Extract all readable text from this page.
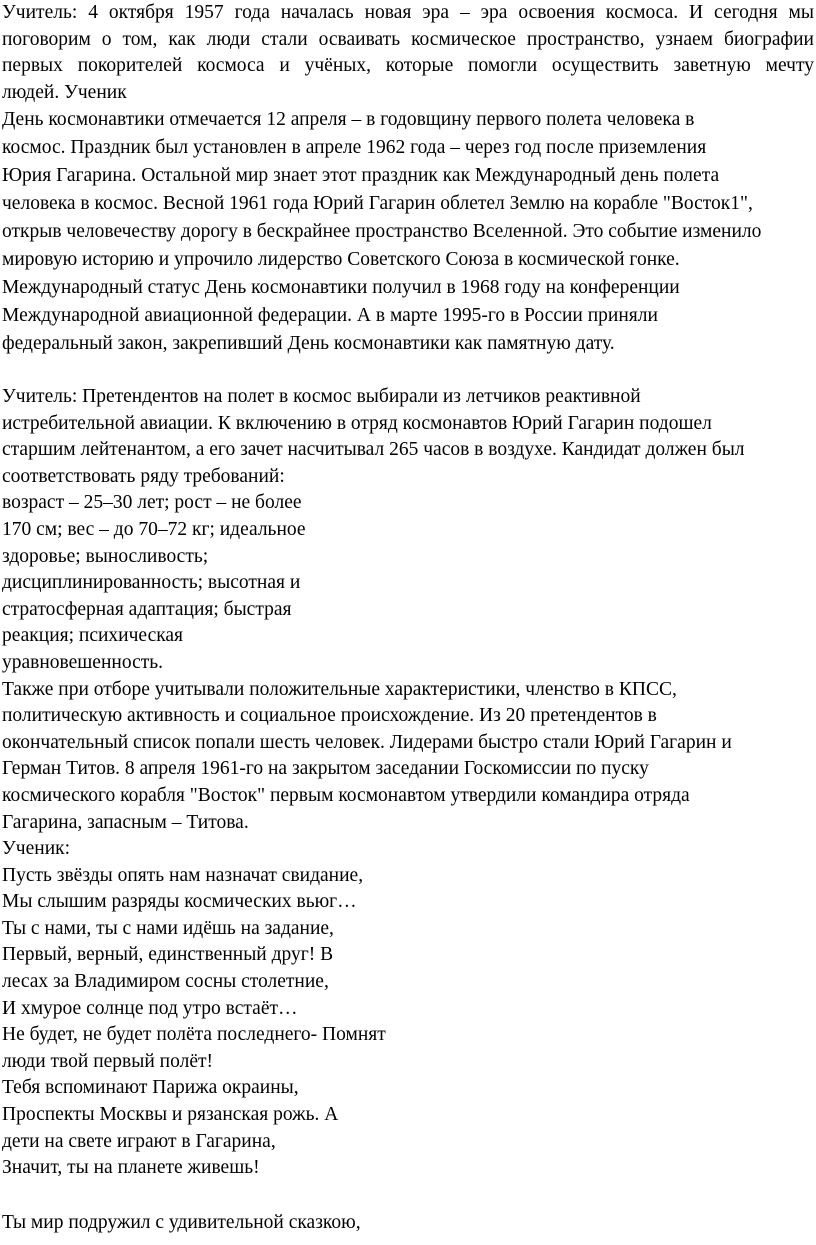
Учитель: 4 октября 1957 года началась новая эра – эра освоения космоса. И сегодня мы
поговорим о том, как люди стали осваивать космическое пространство, узнаем биографии
первых покорителей космоса и учёных, которые помогли осуществить заветную мечту
людей. Ученик
День космонавтики отмечается 12 апреля – в годовщину первого полета человека в
космос. Праздник был установлен в апреле 1962 года – через год после приземления
Юрия Гагарина. Остальной мир знает этот праздник как Международный день полета
человека в космос. Весной 1961 года Юрий Гагарин облетел Землю на корабле "Восток1",
открыв человечеству дорогу в бескрайнее пространство Вселенной. Это событие изменило
мировую историю и упрочило лидерство Советского Союза в космической гонке.
Международный статус День космонавтики получил в 1968 году на конференции
Международной авиационной федерации. А в марте 1995-го в России приняли
федеральный закон, закрепивший День космонавтики как памятную дату.
Учитель: Претендентов на полет в космос выбирали из летчиков реактивной
истребительной авиации. К включению в отряд космонавтов Юрий Гагарин подошел
старшим лейтенантом, а его зачет насчитывал 265 часов в воздухе. Кандидат должен был
соответствовать ряду требований:
возраст – 25–30 лет; рост – не более
170 см; вес – до 70–72 кг; идеальное
здоровье; выносливость;
дисциплинированность; высотная и
стратосферная адаптация; быстрая
реакция; психическая
уравновешенность.
Также при отборе учитывали положительные характеристики, членство в КПСС,
политическую активность и социальное происхождение. Из 20 претендентов в
окончательный список попали шесть человек. Лидерами быстро стали Юрий Гагарин и
Герман Титов. 8 апреля 1961-го на закрытом заседании Госкомиссии по пуску
космического корабля "Восток" первым космонавтом утвердили командира отряда
Гагарина, запасным – Титова.
Ученик:
Пусть звёзды опять нам назначат свидание,
Мы слышим разряды космических вьюг…
Ты с нами, ты с нами идёшь на задание,
Первый, верный, единственный друг! В
лесах за Владимиром сосны столетние,
И хмурое солнце под утро встаёт…
Не будет, не будет полёта последнего- Помнят
люди твой первый полёт!
Тебя вспоминают Парижа окраины,
Проспекты Москвы и рязанская рожь. А
дети на свете играют в Гагарина,
Значит, ты на планете живешь!
Ты мир подружил с удивительной сказкою,
